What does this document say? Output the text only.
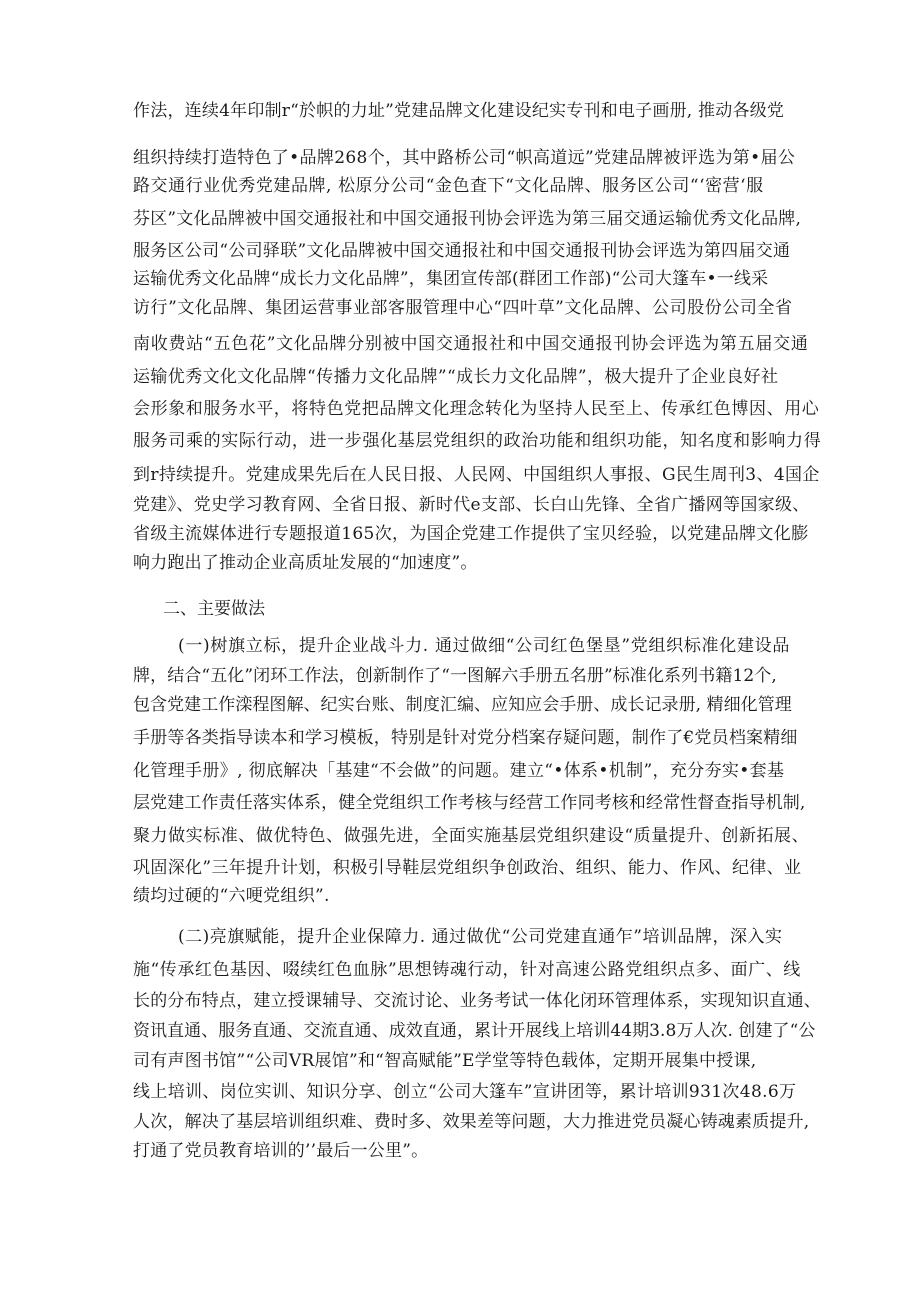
作法，连续4年印制r“於帜的力址”党建品牌文化建设纪实专刊和电子画册, 推动各级党
组织持续打造特色了•品牌268个，其中路桥公司“帜高道远”党建品牌被评选为第•届公
路交通行业优秀党建品牌, 松原分公司“金色査下“文化品牌、服务区公司“‘密营‘服
芬区”文化品牌被中国交通报社和中国交通报刊协会评选为第三届交通运输优秀文化品牌,
服务区公司“公司驿联”文化品牌被中国交通报社和中国交通报刊协会评选为第四届交通
运输优秀文化品牌“成长力文化品牌”，集团宣传部(群团工作部)“公司大篷车•一线采
访行”文化品牌、集团运营事业部客服管理中心“四叶草”文化品牌、公司股份公司全省
南收费站“五色花”文化品牌分别被中国交通报社和中国交通报刊协会评选为第五届交通
运输优秀文化文化品牌“传播力文化品牌”“成长力文化品牌”，极大提升了企业良好社
会形象和服务水平，将特色党把品牌文化理念转化为坚持人民至上、传承红色博因、用心
服务司乘的实际行动，进一步强化基层党组织的政治功能和组织功能，知名度和影响力得
到r持续提升。党建成果先后在人民日报、人民网、中国组织人事报、G民生周刊3、4国企
党建》、党史学习教育网、全省日报、新时代e支部、长白山先锋、全省广播网等国家级、
省级主流媒体进行专题报道165次，为国企党建工作提供了宝贝经验，以党建品牌文化膨
响力跑出了推动企业高质址发展的“加速度”。
二、主要做法
(一)树旗立标，提升企业战斗力. 通过做细“公司红色堡垦”党组织标准化建设品
牌，结合“五化”闭环工作法，创新制作了“一图解六手册五名册”标准化系列书籍12个,
包含党建工作滦程图解、纪实台账、制度汇编、应知应会手册、成长记录册, 精细化管理
手册等各类指导读本和学习模板，特别是针对党分档案存疑问题，制作了€党员档案精细
化管理手册》, 彻底解决「基建“不会做”的问题。建立“•体系•机制”，充分夯实•套基
层党建工作责任落实体系，健全党组织工作考核与经营工作同考核和经常性督查指导机制,
聚力做实标准、做优特色、做强先进，全面实施基层党组织建设“质量提升、创新拓展、
巩固深化”三年提升计划，积极引导鞋层党组织争创政治、组织、能力、作风、纪律、业
绩均过硬的“六哽党组织”.
(二)亮旗赋能，提升企业保障力. 通过做优“公司党建直通乍”培训品牌，深入实
施“传承红色基因、啜续红色血脉”思想铸魂行动，针对高速公路党组织点多、面广、线
长的分布特点，建立授课辅导、交流讨论、业务考试一体化闭环管理体系，实现知识直通、
资讯直通、服务直通、交流直通、成效直通，累计开展线上培训44期3.8万人次. 创建了“公
司有声图书馆”“公司VR展馆”和“智高赋能”E学堂等特色载体，定期开展集中授课,
线上培训、岗位实训、知识分享、创立“公司大篷车”宣讲团等，累计培训931次48.6万
人次，解决了基层培训组织难、费时多、效果差等问题，大力推进党员凝心铸魂素质提升,
打通了党员教育培训的’’最后一公里”。
